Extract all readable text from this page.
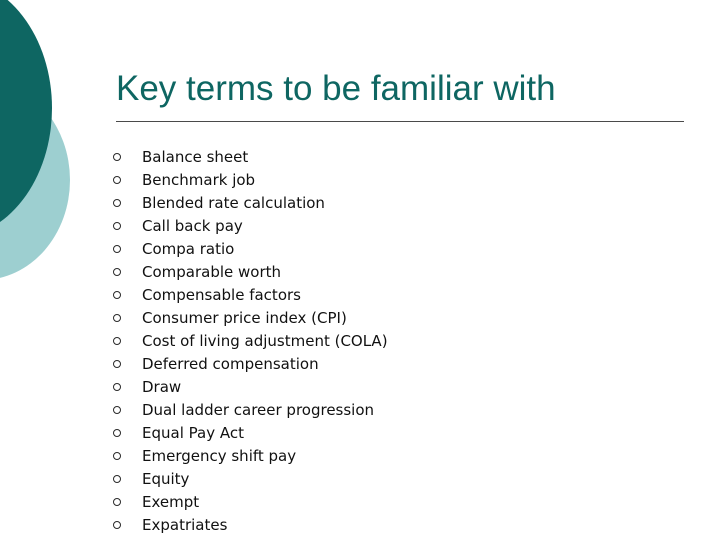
Key terms to be familiar with
Balance sheet
Benchmark job
Blended rate calculation
Call back pay
Compa ratio
Comparable worth
Compensable factors
Consumer price index (CPI)
Cost of living adjustment (COLA)
Deferred compensation
Draw
Dual ladder career progression
Equal Pay Act
Emergency shift pay
Equity
Exempt
Expatriates
